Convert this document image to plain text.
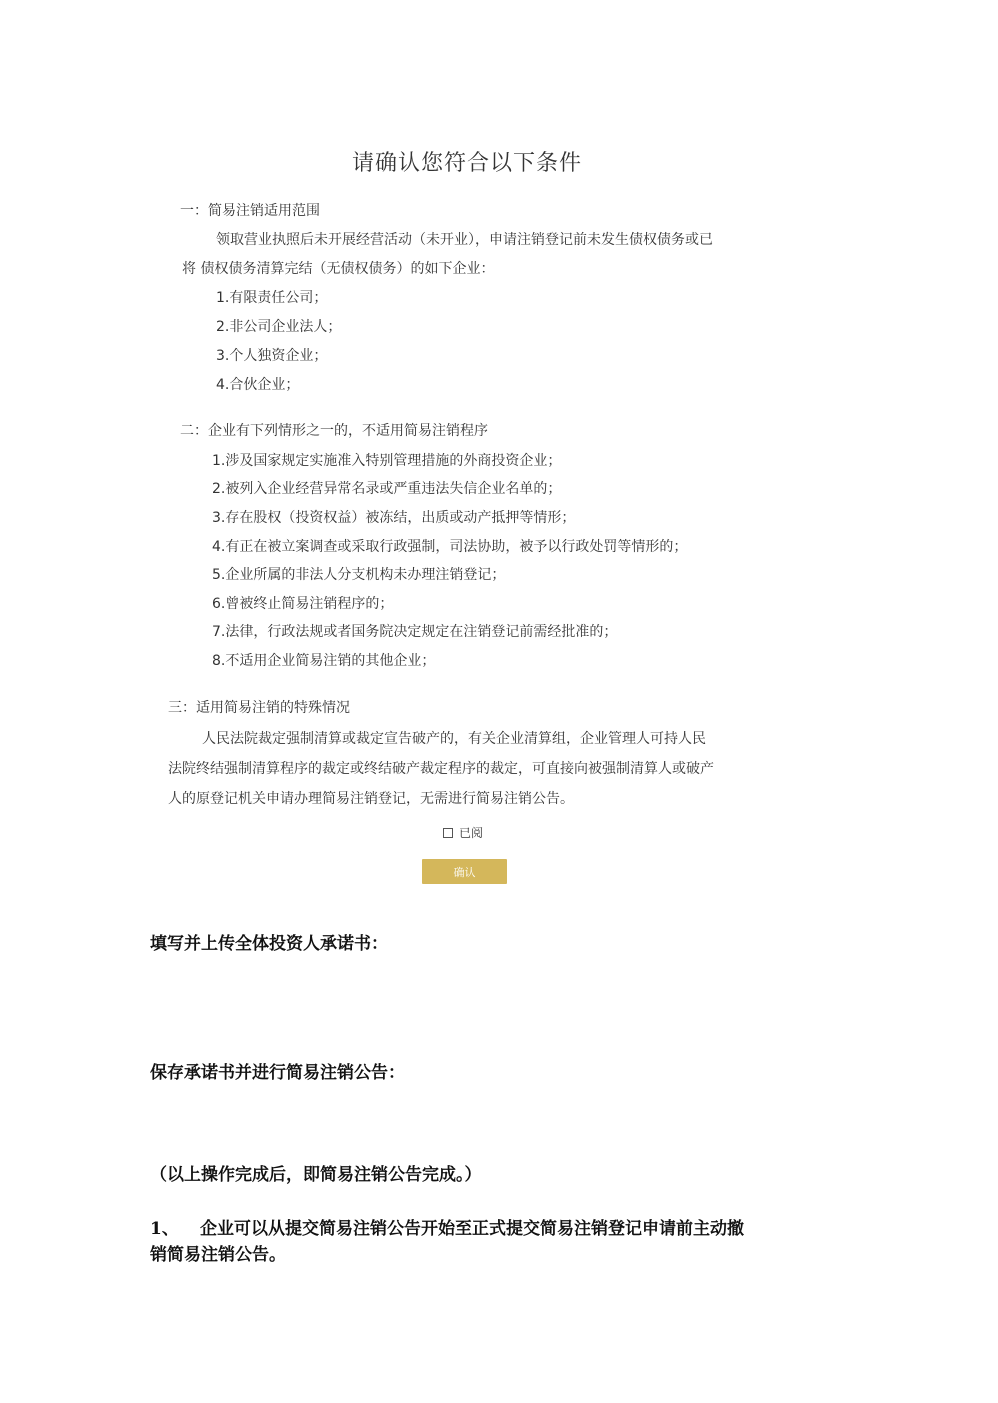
请确认您符合以下条件
一：简易注销适用范围
领取营业执照后未开展经营活动（未开业），申请注销登记前未发生债权债务或已
将 债权债务清算完结（无债权债务）的如下企业：
1.有限责任公司；
2.非公司企业法人；
3.个人独资企业；
4.合伙企业；
二：企业有下列情形之一的，不适用简易注销程序
1.涉及国家规定实施准入特别管理措施的外商投资企业；
2.被列入企业经营异常名录或严重违法失信企业名单的；
3.存在股权（投资权益）被冻结，出质或动产抵押等情形；
4.有正在被立案调查或采取行政强制，司法协助，被予以行政处罚等情形的；
5.企业所属的非法人分支机构未办理注销登记；
6.曾被终止简易注销程序的；
7.法律，行政法规或者国务院决定规定在注销登记前需经批准的；
8.不适用企业简易注销的其他企业；
三：适用简易注销的特殊情况
人民法院裁定强制清算或裁定宣告破产的，有关企业清算组，企业管理人可持人民
法院终结强制清算程序的裁定或终结破产裁定程序的裁定，可直接向被强制清算人或破产
人的原登记机关申请办理简易注销登记，无需进行简易注销公告。
已阅
确认
填写并上传全体投资人承诺书：
保存承诺书并进行简易注销公告：
（以上操作完成后，即简易注销公告完成。）
1、 企业可以从提交简易注销公告开始至正式提交简易注销登记申请前主动撤
销简易注销公告。
